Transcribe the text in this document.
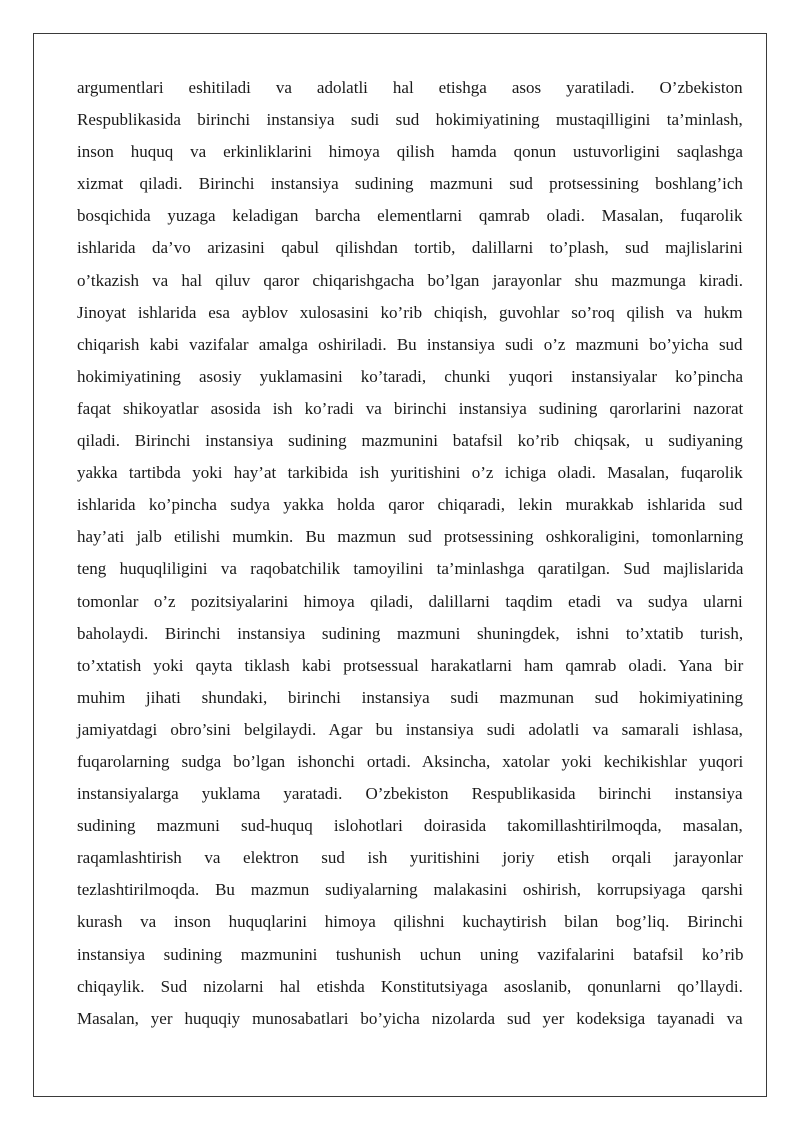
argumentlari eshitiladi va adolatli hal etishga asos yaratiladi. O’zbekiston
Respublikasida birinchi instansiya sudi sud hokimiyatining mustaqilligini ta’minlash,
inson huquq va erkinliklarini himoya qilish hamda qonun ustuvorligini saqlashga
xizmat qiladi. Birinchi instansiya sudining mazmuni sud protsessining boshlang’ich
bosqichida yuzaga keladigan barcha elementlarni qamrab oladi. Masalan, fuqarolik
ishlarida da’vo arizasini qabul qilishdan tortib, dalillarni to’plash, sud majlislarini
o’tkazish va hal qiluv qaror chiqarishgacha bo’lgan jarayonlar shu mazmunga kiradi.
Jinoyat ishlarida esa ayblov xulosasini ko’rib chiqish, guvohlar so’roq qilish va hukm
chiqarish kabi vazifalar amalga oshiriladi. Bu instansiya sudi o’z mazmuni bo’yicha sud
hokimiyatining asosiy yuklamasini ko’taradi, chunki yuqori instansiyalar ko’pincha
faqat shikoyatlar asosida ish ko’radi va birinchi instansiya sudining qarorlarini nazorat
qiladi. Birinchi instansiya sudining mazmunini batafsil ko’rib chiqsak, u sudiyaning
yakka tartibda yoki hay’at tarkibida ish yuritishini o’z ichiga oladi. Masalan, fuqarolik
ishlarida ko’pincha sudya yakka holda qaror chiqaradi, lekin murakkab ishlarida sud
hay’ati jalb etilishi mumkin. Bu mazmun sud protsessining oshkoraligini, tomonlarning
teng huquqliligini va raqobatchilik tamoyilini ta’minlashga qaratilgan. Sud majlislarida
tomonlar o’z pozitsiyalarini himoya qiladi, dalillarni taqdim etadi va sudya ularni
baholaydi. Birinchi instansiya sudining mazmuni shuningdek, ishni to’xtatib turish,
to’xtatish yoki qayta tiklash kabi protsessual harakatlarni ham qamrab oladi. Yana bir
muhim jihati shundaki, birinchi instansiya sudi mazmunan sud hokimiyatining
jamiyatdagi obro’sini belgilaydi. Agar bu instansiya sudi adolatli va samarali ishlasa,
fuqarolarning sudga bo’lgan ishonchi ortadi. Aksincha, xatolar yoki kechikishlar yuqori
instansiyalarga yuklama yaratadi. O’zbekiston Respublikasida birinchi instansiya
sudining mazmuni sud-huquq islohotlari doirasida takomillashtirilmoqda, masalan,
raqamlashtirish va elektron sud ish yuritishini joriy etish orqali jarayonlar
tezlashtirilmoqda. Bu mazmun sudiyalarning malakasini oshirish, korrupsiyaga qarshi
kurash va inson huquqlarini himoya qilishni kuchaytirish bilan bog’liq. Birinchi
instansiya sudining mazmunini tushunish uchun uning vazifalarini batafsil ko’rib
chiqaylik. Sud nizolarni hal etishda Konstitutsiyaga asoslanib, qonunlarni qo’llaydi.
Masalan, yer huquqiy munosabatlari bo’yicha nizolarda sud yer kodeksiga tayanadi va
